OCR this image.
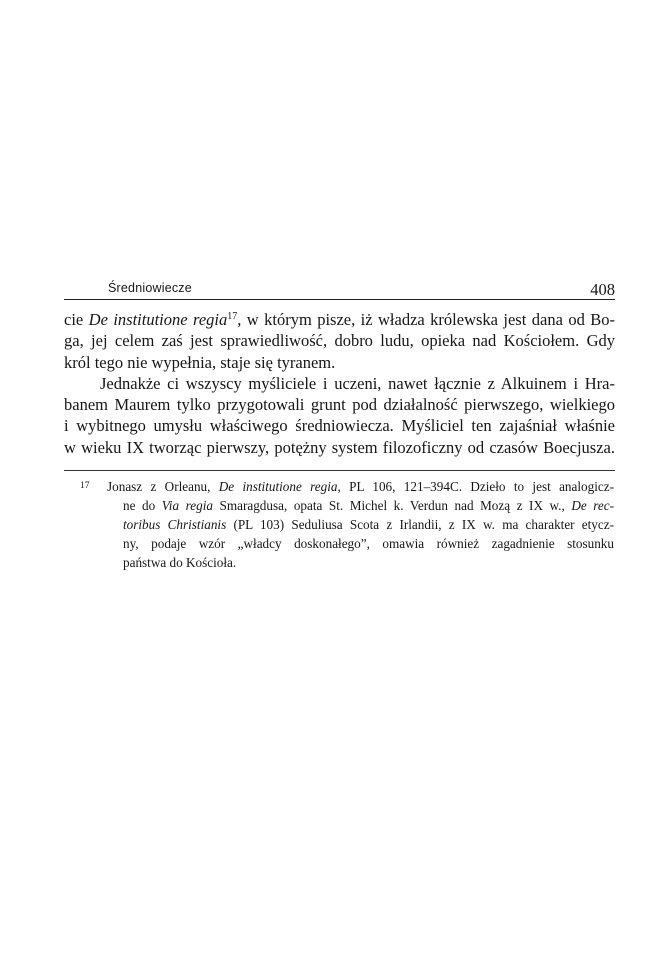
Średniowiecze	408
cie De institutione regia$^{17}$, w którym pisze, iż władza królewska jest dana od Bo-
ga, jej celem zaś jest sprawiedliwość, dobro ludu, opieka nad Kościołem. Gdy
król tego nie wypełnia, staje się tyranem.
Jednakże ci wszyscy myśliciele i uczeni, nawet łącznie z Alkuinem i Hra-
banem Maurem tylko przygotowali grunt pod działalność pierwszego, wielkiego
i wybitnego umysłu właściwego średniowiecza. Myśliciel ten zajaśniał właśnie
w wieku IX tworząc pierwszy, potężny system filozoficzny od czasów Boecjusza.
17 Jonasz z Orleanu, De institutione regia, PL 106, 121–394C. Dzieło to jest analogicz-
ne do Via regia Smaragdusa, opata St. Michel k. Verdun nad Mozą z IX w., De rec-
toribus Christianis (PL 103) Seduliusa Scota z Irlandii, z IX w. ma charakter etycz-
ny, podaje wzór „władcy doskonałego”, omawia również zagadnienie stosunku
państwa do Kościoła.
